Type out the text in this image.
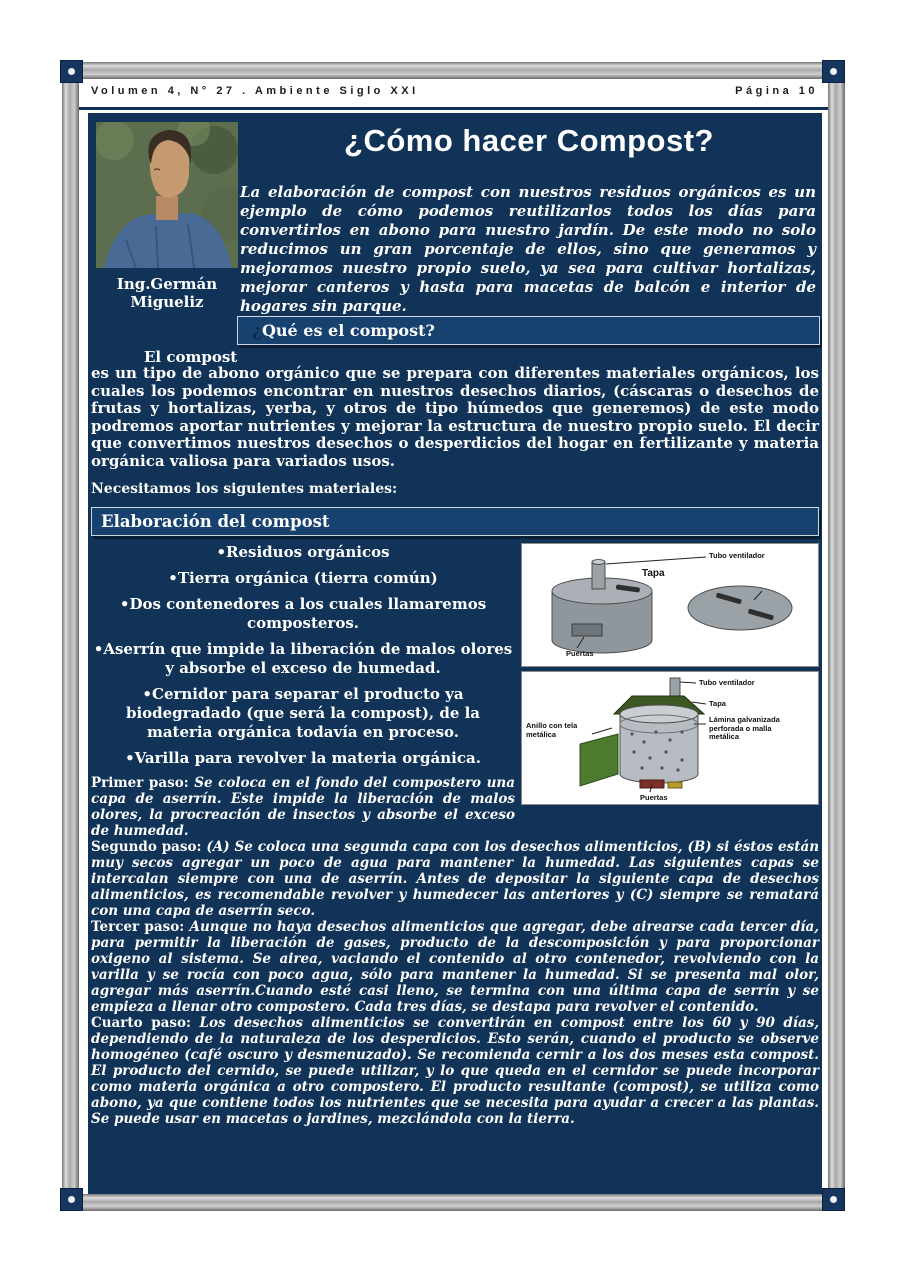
Volumen 4, N° 27 . Ambiente Siglo XXI	Página 10
Ing.Germán Migueliz
¿Cómo hacer Compost?
La elaboración de compost con nuestros residuos orgánicos es un ejemplo de cómo podemos reutilizarlos todos los días para convertirlos en abono para nuestro jardín. De este modo no solo reducimos un gran porcentaje de ellos, sino que generamos y mejoramos nuestro propio suelo, ya sea para cultivar hortalizas, mejorar canteros y hasta para macetas de balcón e interior de hogares sin parque.
¿Qué es el compost?
El compost

es un tipo de abono orgánico que se prepara con diferentes materiales orgánicos, los cuales los podemos encontrar en nuestros desechos diarios, (cáscaras o desechos de frutas y hortalizas, yerba, y otros de tipo húmedos que generemos) de este modo podremos aportar nutrientes y mejorar la estructura de nuestro propio suelo. El decir que convertimos nuestros desechos o desperdicios del hogar en fertilizante y materia orgánica valiosa para variados usos.

Necesitamos los siguientes materiales:

Elaboración del compost
Tubo ventilador
Tapa
Puertas
Tubo ventilador
Tapa
Lámina galvanizada perforada o malla metálica
Anillo con tela metálica
Puertas
• Residuos orgánicos
• Tierra orgánica (tierra común)
• Dos contenedores a los cuales llamaremos composteros.
• Aserrín que impide la liberación de malos olores y absorbe el exceso de humedad.
• Cernidor para separar el producto ya biodegradado (que será la compost), de la materia orgánica todavía en proceso.
• Varilla para revolver la materia orgánica.

Primer paso: Se coloca en el fondo del compostero una capa de aserrín. Este impide la liberación de malos olores, la procreación de insectos y absorbe el exceso de humedad.

Segundo paso: (A) Se coloca una segunda capa con los desechos alimenticios, (B) si éstos están muy secos agregar un poco de agua para mantener la humedad. Las siguientes capas se intercalan siempre con una de aserrín. Antes de depositar la siguiente capa de desechos alimenticios, es recomendable revolver y humedecer las anteriores y (C) siempre se rematará con una capa de aserrín seco.

Tercer paso: Aunque no haya desechos alimenticios que agregar, debe airearse cada tercer día, para permitir la liberación de gases, producto de la descomposición y para proporcionar oxigeno al sistema. Se airea, vaciando el contenido al otro contenedor, revolviendo con la varilla y se rocía con poco agua, sólo para mantener la humedad. Si se presenta mal olor, agregar más aserrín.Cuando esté casi lleno, se termina con una última capa de serrín y se empieza a llenar otro compostero. Cada tres días, se destapa para revolver el contenido.

Cuarto paso: Los desechos alimenticios se convertirán en compost entre los 60 y 90 días, dependiendo de la naturaleza de los desperdicios. Esto serán, cuando el producto se observe homogéneo (café oscuro y desmenuzado). Se recomienda cernir a los dos meses esta compost. El producto del cernido, se puede utilizar, y lo que queda en el cernidor se puede incorporar como materia orgánica a otro compostero. El producto resultante (compost), se utiliza como abono, ya que contiene todos los nutrientes que se necesita para ayudar a crecer a las plantas. Se puede usar en macetas o jardines, mezclándola con la tierra.
